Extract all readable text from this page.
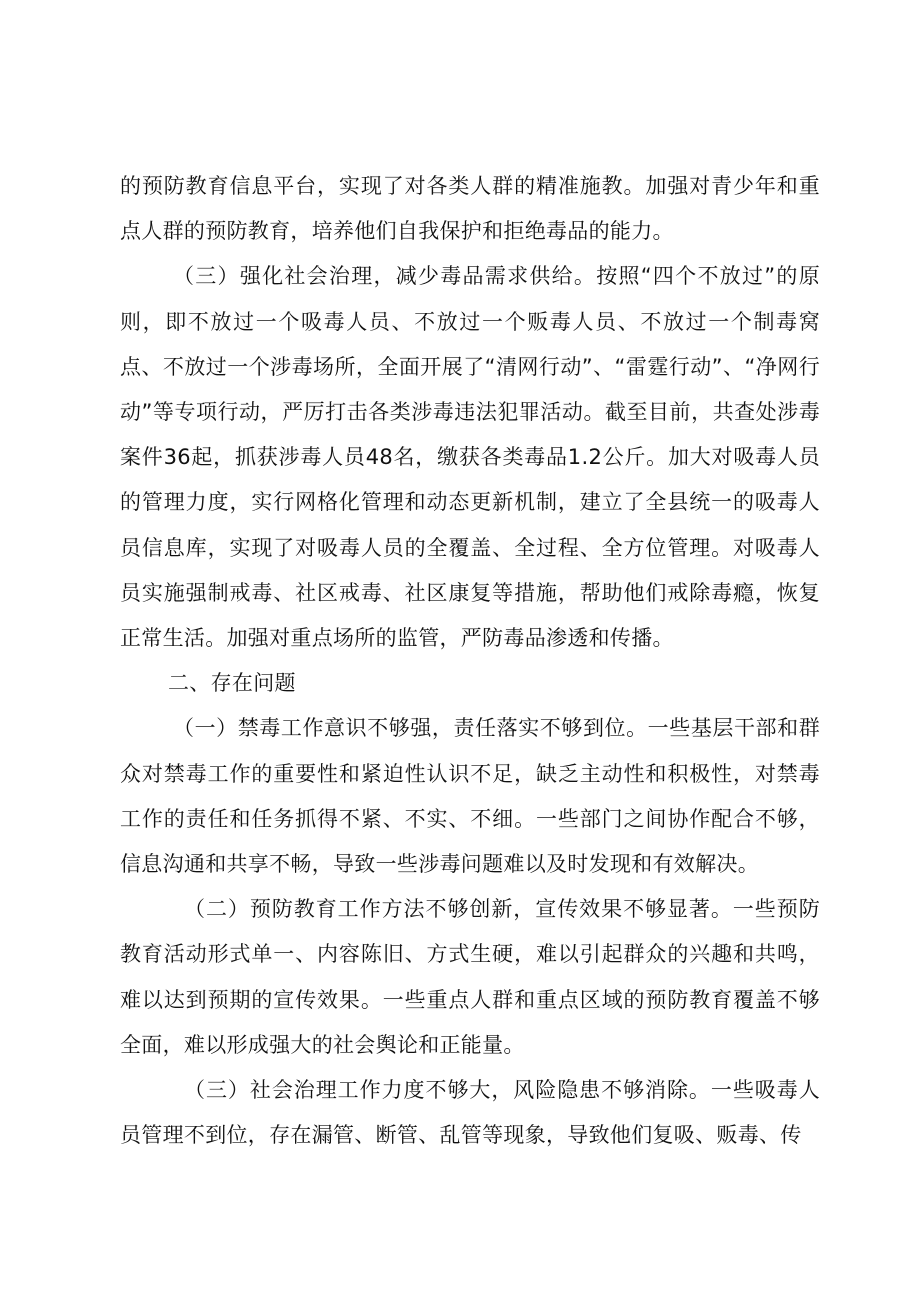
的预防教育信息平台，实现了对各类人群的精准施教。加强对青少年和重点人群的预防教育，培养他们自我保护和拒绝毒品的能力。

（三）强化社会治理，减少毒品需求供给。按照“四个不放过”的原则，即不放过一个吸毒人员、不放过一个贩毒人员、不放过一个制毒窝点、不放过一个涉毒场所，全面开展了“清网行动”、“雷霆行动”、“净网行动”等专项行动，严厉打击各类涉毒违法犯罪活动。截至目前，共查处涉毒案件36起，抓获涉毒人员48名，缴获各类毒品1.2公斤。加大对吸毒人员的管理力度，实行网格化管理和动态更新机制，建立了全县统一的吸毒人员信息库，实现了对吸毒人员的全覆盖、全过程、全方位管理。对吸毒人员实施强制戒毒、社区戒毒、社区康复等措施，帮助他们戒除毒瘾，恢复正常生活。加强对重点场所的监管，严防毒品渗透和传播。

二、存在问题

（一）禁毒工作意识不够强，责任落实不够到位。一些基层干部和群众对禁毒工作的重要性和紧迫性认识不足，缺乏主动性和积极性，对禁毒工作的责任和任务抓得不紧、不实、不细。一些部门之间协作配合不够，信息沟通和共享不畅，导致一些涉毒问题难以及时发现和有效解决。

（二）预防教育工作方法不够创新，宣传效果不够显著。一些预防教育活动形式单一、内容陈旧、方式生硬，难以引起群众的兴趣和共鸣，难以达到预期的宣传效果。一些重点人群和重点区域的预防教育覆盖不够全面，难以形成强大的社会舆论和正能量。

（三）社会治理工作力度不够大，风险隐患不够消除。一些吸毒人员管理不到位，存在漏管、断管、乱管等现象，导致他们复吸、贩毒、传
